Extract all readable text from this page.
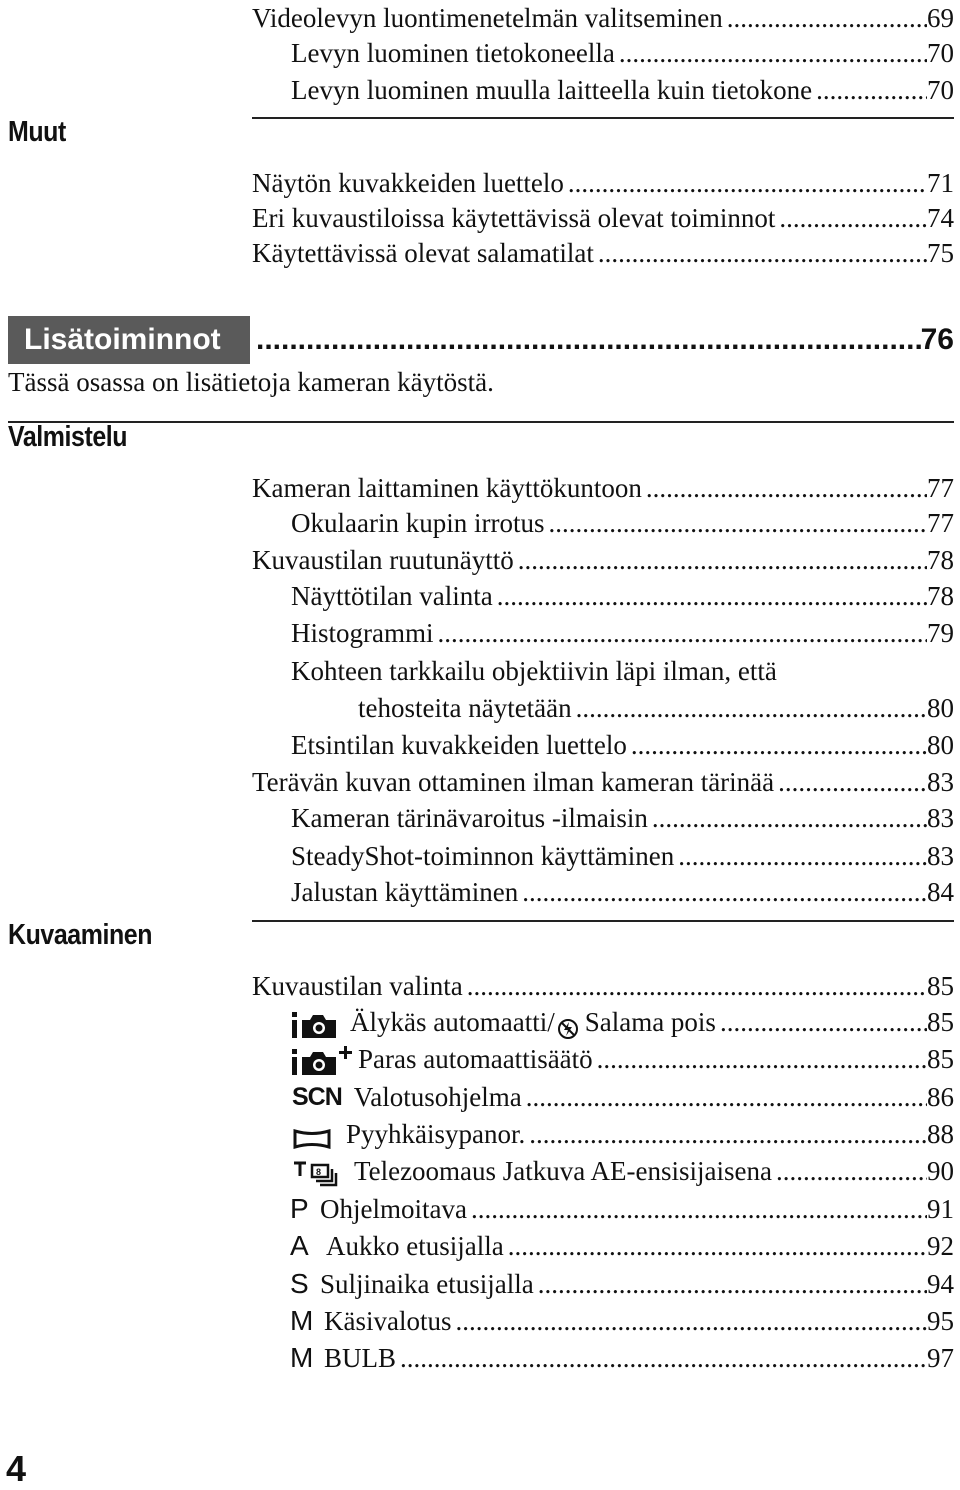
Videolevyn luontimenetelmän valitseminen .....	69
Levyn luominen tietokoneella .....	70
Levyn luominen muulla laitteella kuin tietokone .....	70
Muut
Näytön kuvakkeiden luettelo .....	71
Eri kuvaustiloissa käytettävissä olevat toiminnot .....	74
Käytettävissä olevat salamatilat .....	75
Lisätoiminnot .....	76
Tässä osassa on lisätietoja kameran käytöstä.
Valmistelu
Kameran laittaminen käyttökuntoon .....	77
Okulaarin kupin irrotus .....	77
Kuvaustilan ruutunäyttö .....	78
Näyttötilan valinta .....	78
Histogrammi .....	79
Kohteen tarkkailu objektiivin läpi ilman, että
tehosteita näytetään .....	80
Etsintilan kuvakkeiden luettelo .....	80
Terävän kuvan ottaminen ilman kameran tärinää .....	83
Kameran tärinävaroitus -ilmaisin .....	83
SteadyShot-toiminnon käyttäminen .....	83
Jalustan käyttäminen .....	84
Kuvaaminen
Kuvaustilan valinta .....	85
Älykäs automaatti/ Salama pois .....	85
Paras automaattisäätö .....	85
SCN Valotusohjelma .....	86
Pyyhkäisypanor. .....	88
8 Telezoomaus Jatkuva AE-ensisijaisena .....	90
P Ohjelmoitava .....	91
A Aukko etusijalla .....	92
S Suljinaika etusijalla .....	94
M Käsivalotus .....	95
M BULB .....	97
4
